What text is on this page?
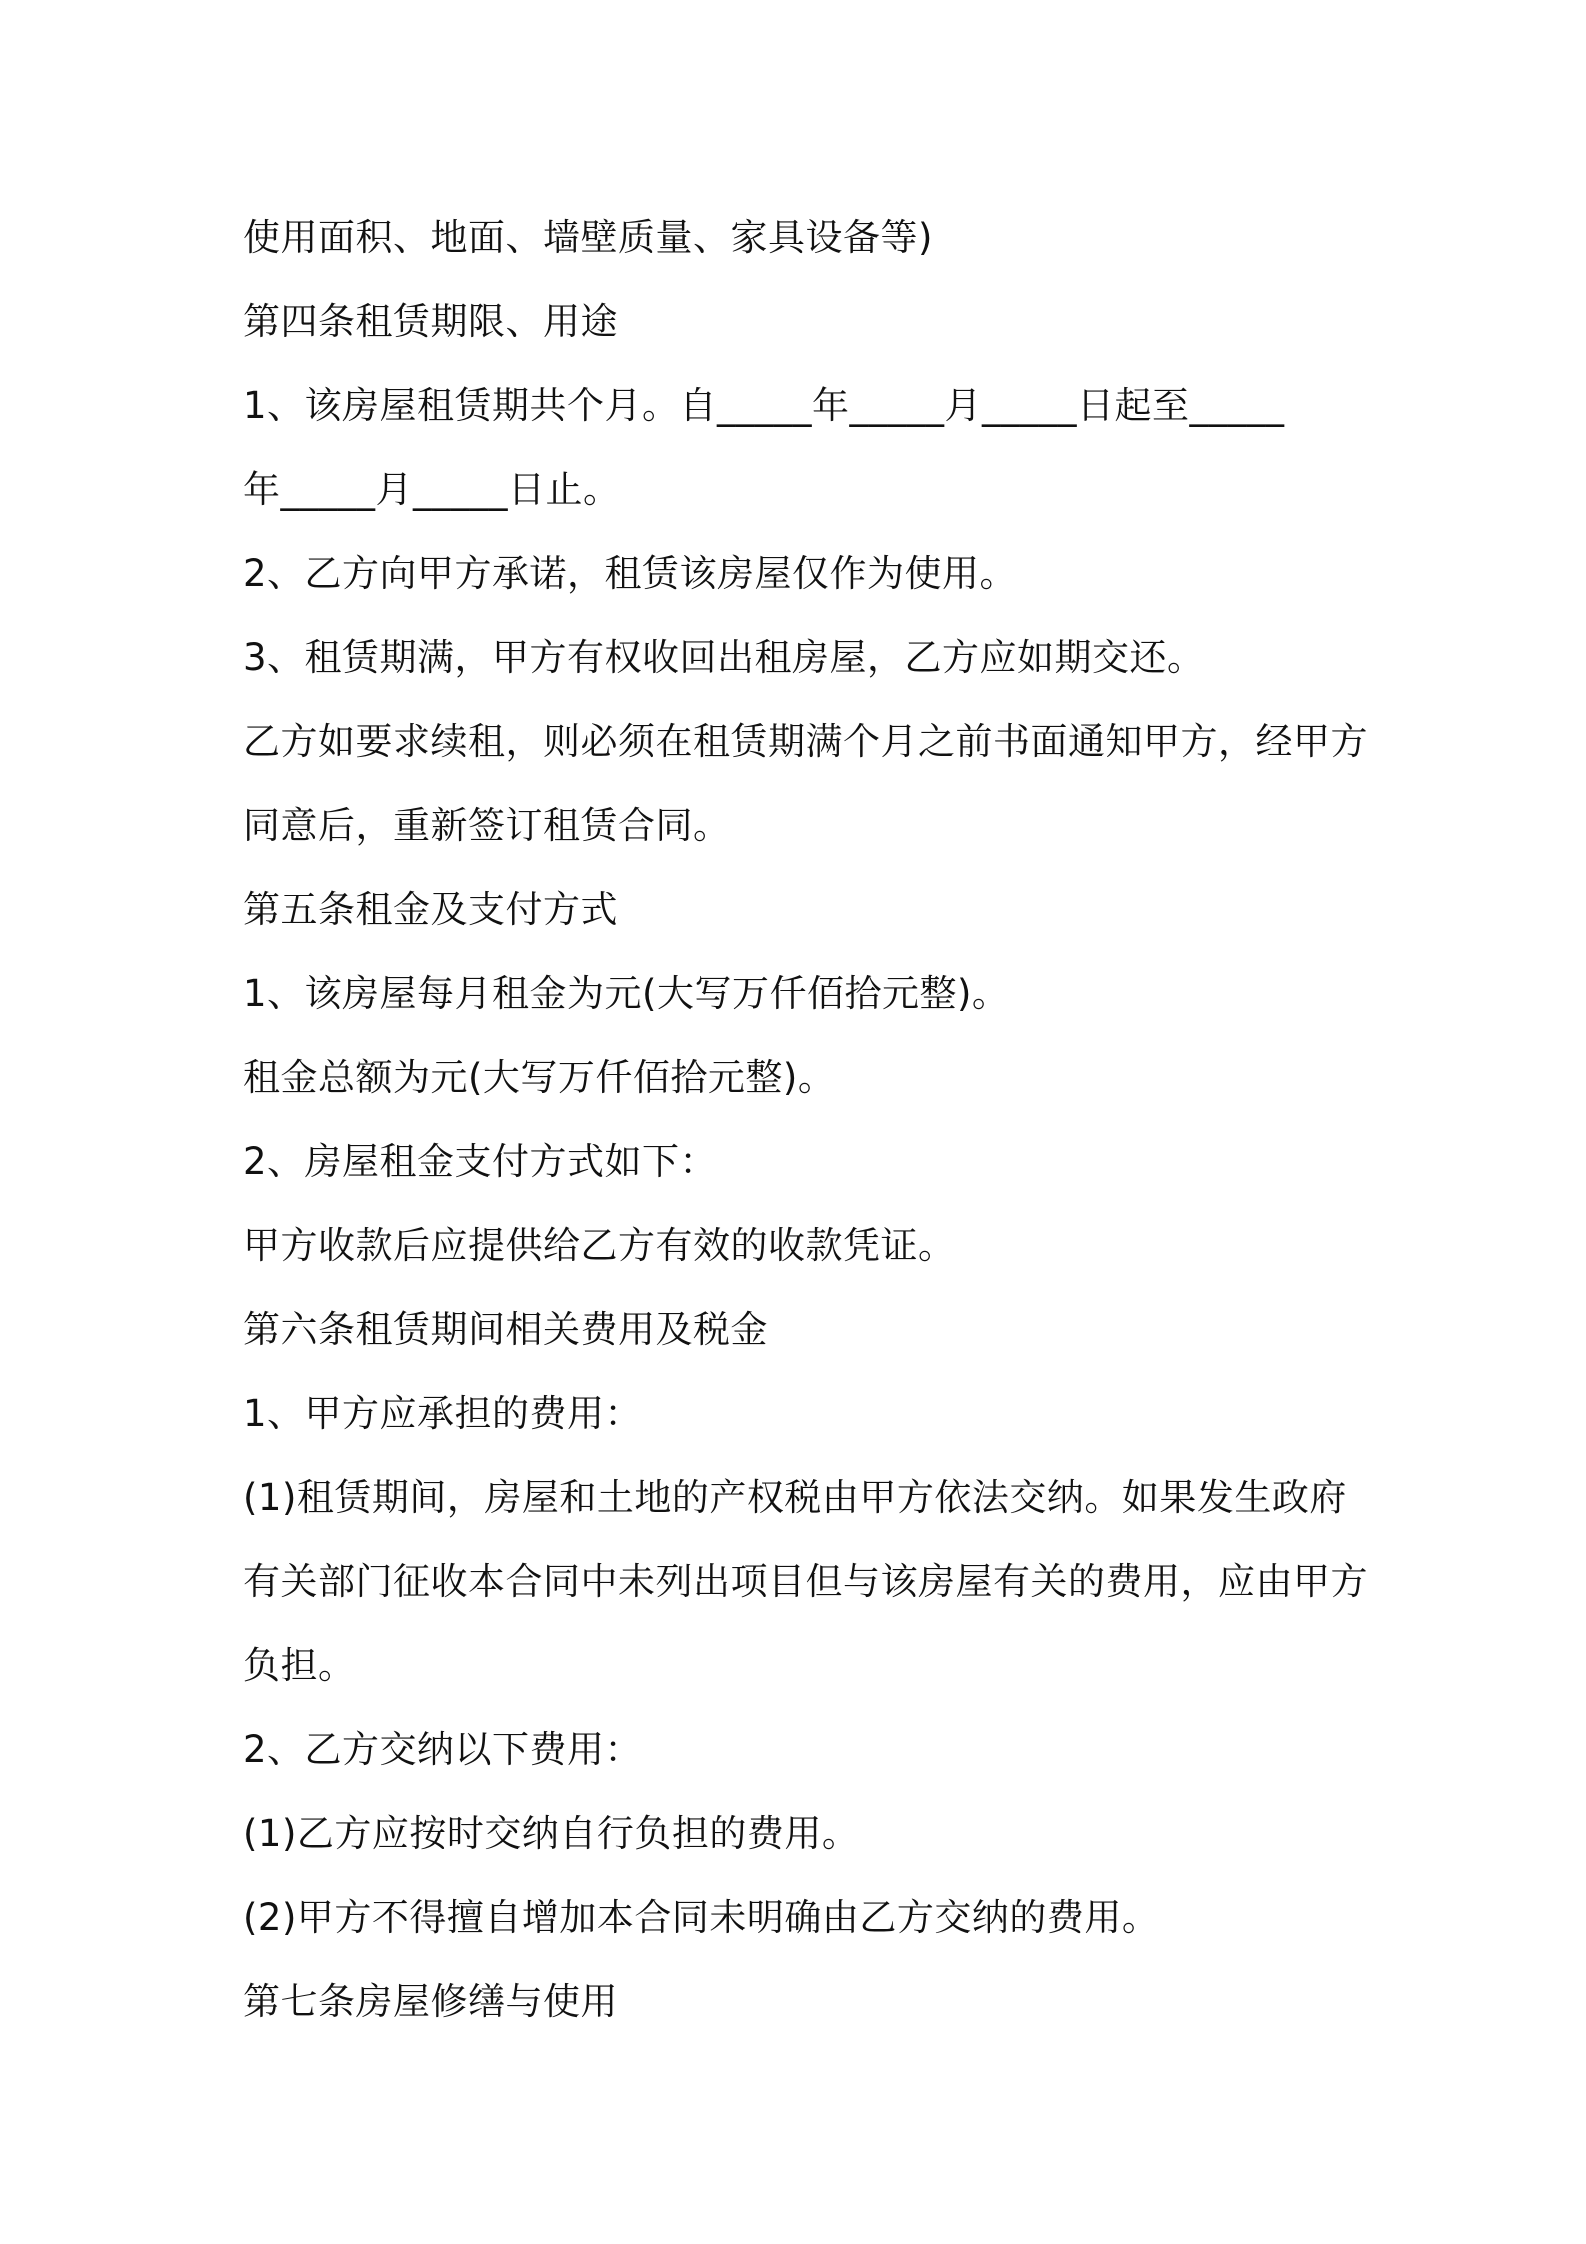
使用面积、地面、墙壁质量、家具设备等)

第四条租赁期限、用途

1、该房屋租赁期共个月。自_____年_____月_____日起至_____

年_____月_____日止。

2、乙方向甲方承诺，租赁该房屋仅作为使用。

3、租赁期满，甲方有权收回出租房屋，乙方应如期交还。

乙方如要求续租，则必须在租赁期满个月之前书面通知甲方，经甲方

同意后，重新签订租赁合同。

第五条租金及支付方式

1、该房屋每月租金为元(大写万仟佰拾元整)。

租金总额为元(大写万仟佰拾元整)。

2、房屋租金支付方式如下：

甲方收款后应提供给乙方有效的收款凭证。

第六条租赁期间相关费用及税金

1、甲方应承担的费用：

(1)租赁期间，房屋和土地的产权税由甲方依法交纳。如果发生政府

有关部门征收本合同中未列出项目但与该房屋有关的费用，应由甲方

负担。

2、乙方交纳以下费用：

(1)乙方应按时交纳自行负担的费用。

(2)甲方不得擅自增加本合同未明确由乙方交纳的费用。

第七条房屋修缮与使用
